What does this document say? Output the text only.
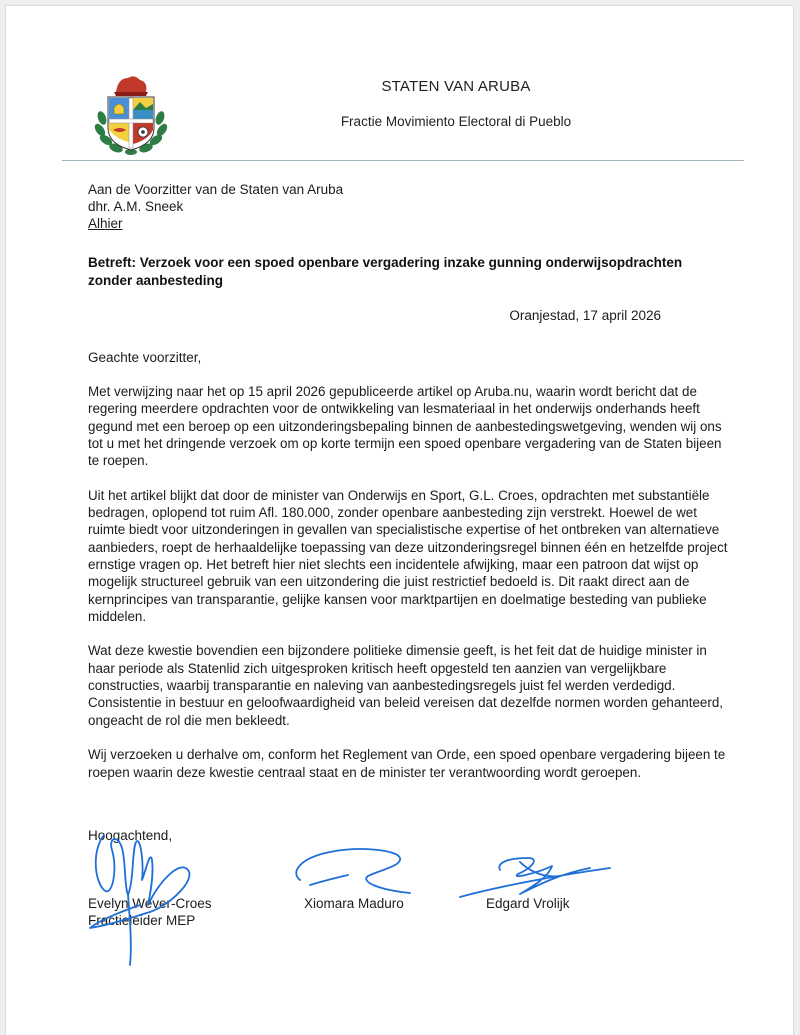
STATEN VAN ARUBA
Fractie Movimiento Electoral di Pueblo
Aan de Voorzitter van de Staten van Aruba
dhr. A.M. Sneek
Alhier
Betreft: Verzoek voor een spoed openbare vergadering inzake gunning onderwijsopdrachten zonder aanbesteding
Oranjestad, 17 april 2026
Geachte voorzitter,

Met verwijzing naar het op 15 april 2026 gepubliceerde artikel op Aruba.nu, waarin wordt bericht dat de regering meerdere opdrachten voor de ontwikkeling van lesmateriaal in het onderwijs onderhands heeft gegund met een beroep op een uitzonderingsbepaling binnen de aanbestedingswetgeving, wenden wij ons tot u met het dringende verzoek om op korte termijn een spoed openbare vergadering van de Staten bijeen te roepen.

Uit het artikel blijkt dat door de minister van Onderwijs en Sport, G.L. Croes, opdrachten met substantiële bedragen, oplopend tot ruim Afl. 180.000, zonder openbare aanbesteding zijn verstrekt. Hoewel de wet ruimte biedt voor uitzonderingen in gevallen van specialistische expertise of het ontbreken van alternatieve aanbieders, roept de herhaaldelijke toepassing van deze uitzonderingsregel binnen één en hetzelfde project ernstige vragen op. Het betreft hier niet slechts een incidentele afwijking, maar een patroon dat wijst op mogelijk structureel gebruik van een uitzondering die juist restrictief bedoeld is. Dit raakt direct aan de kernprincipes van transparantie, gelijke kansen voor marktpartijen en doelmatige besteding van publieke middelen.

Wat deze kwestie bovendien een bijzondere politieke dimensie geeft, is het feit dat de huidige minister in haar periode als Statenlid zich uitgesproken kritisch heeft opgesteld ten aanzien van vergelijkbare constructies, waarbij transparantie en naleving van aanbestedingsregels juist fel werden verdedigd. Consistentie in bestuur en geloofwaardigheid van beleid vereisen dat dezelfde normen worden gehanteerd, ongeacht de rol die men bekleedt.

Wij verzoeken u derhalve om, conform het Reglement van Orde, een spoed openbare vergadering bijeen te roepen waarin deze kwestie centraal staat en de minister ter verantwoording wordt geroepen.

Hoogachtend,
Evelyn Wever-Croes
Fractieleider MEP
Xiomara Maduro	Edgard Vrolijk
